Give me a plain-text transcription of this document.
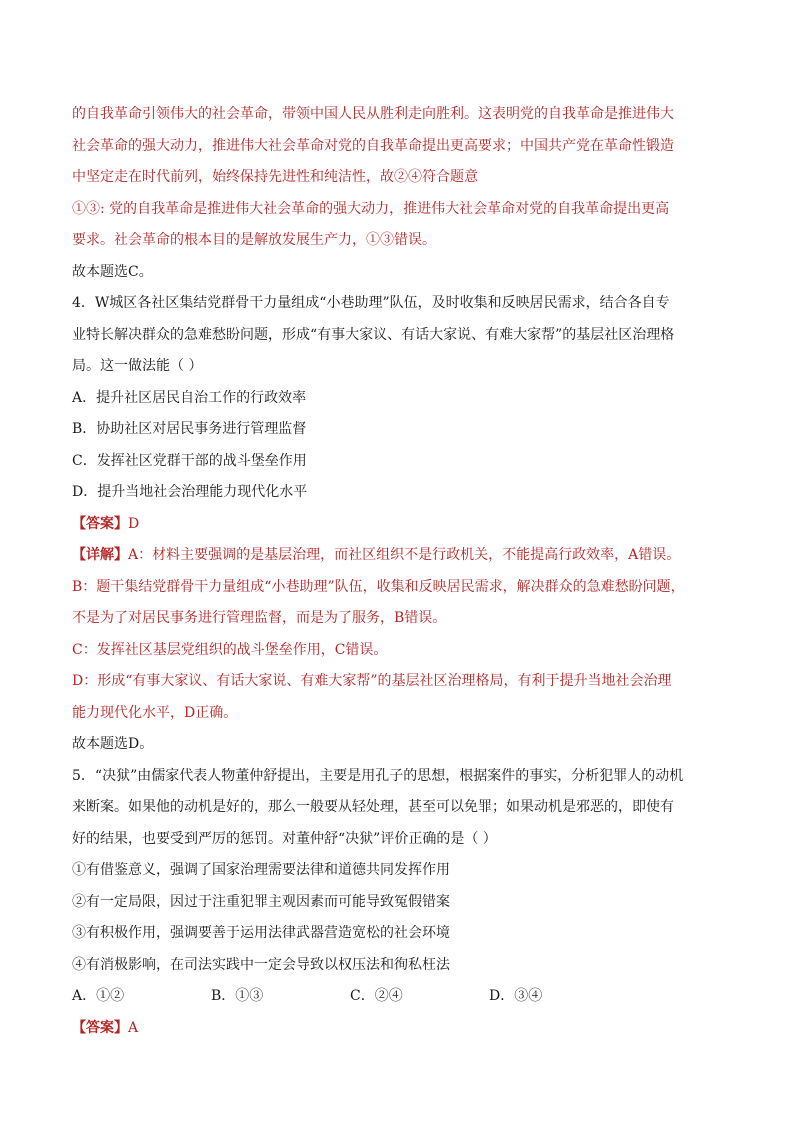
的自我革命引领伟大的社会革命，带领中国人民从胜利走向胜利。这表明党的自我革命是推进伟大
社会革命的强大动力，推进伟大社会革命对党的自我革命提出更高要求；中国共产党在革命性锻造
中坚定走在时代前列，始终保持先进性和纯洁性，故②④符合题意
①③: 党的自我革命是推进伟大社会革命的强大动力，推进伟大社会革命对党的自我革命提出更高
要求。社会革命的根本目的是解放发展生产力，①③错误。
故本题选C。
4．W城区各社区集结党群骨干力量组成“小巷助理”队伍，及时收集和反映居民需求，结合各自专
业特长解决群众的急难愁盼问题，形成“有事大家议、有话大家说、有难大家帮”的基层社区治理格
局。这一做法能（ ）
A．提升社区居民自治工作的行政效率
B．协助社区对居民事务进行管理监督
C．发挥社区党群干部的战斗堡垒作用
D．提升当地社会治理能力现代化水平
【答案】D
【详解】A：材料主要强调的是基层治理，而社区组织不是行政机关，不能提高行政效率，A错误。
B：题干集结党群骨干力量组成“小巷助理”队伍，收集和反映居民需求，解决群众的急难愁盼问题，
不是为了对居民事务进行管理监督，而是为了服务，B错误。
C：发挥社区基层党组织的战斗堡垒作用，C错误。
D：形成“有事大家议、有话大家说、有难大家帮”的基层社区治理格局，有利于提升当地社会治理
能力现代化水平，D正确。
故本题选D。
5．“决狱”由儒家代表人物董仲舒提出，主要是用孔子的思想，根据案件的事实，分析犯罪人的动机
来断案。如果他的动机是好的，那么一般要从轻处理，甚至可以免罪；如果动机是邪恶的，即使有
好的结果，也要受到严厉的惩罚。对董仲舒“决狱”评价正确的是（ ）
①有借鉴意义，强调了国家治理需要法律和道德共同发挥作用
②有一定局限，因过于注重犯罪主观因素而可能导致冤假错案
③有积极作用，强调要善于运用法律武器营造宽松的社会环境
④有消极影响，在司法实践中一定会导致以权压法和徇私枉法
A．①②	B．①③	C．②④	D．③④
【答案】A
